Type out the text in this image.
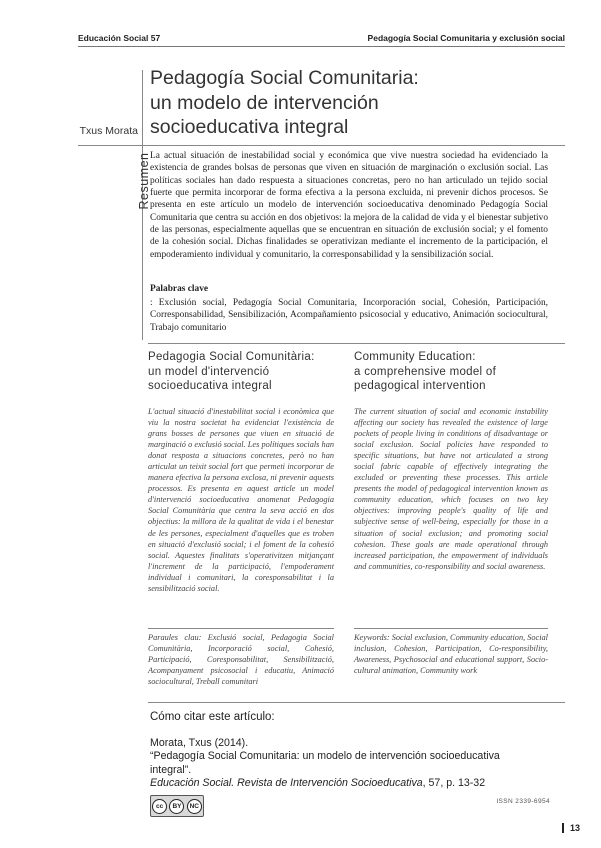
Educación Social 57	Pedagogía Social Comunitaria y exclusión social
Pedagogía Social Comunitaria:
un modelo de intervención
socioeducativa integral
Txus Morata
Resumen La actual situación de inestabilidad social y económica que vive nuestra sociedad ha evidenciado la existencia de grandes bolsas de personas que viven en situación de marginación o exclusión social. Las políticas sociales han dado respuesta a situaciones concretas, pero no han articulado un tejido social fuerte que permita incorporar de forma efectiva a la persona excluida, ni prevenir dichos procesos. Se presenta en este artículo un modelo de intervención socioeducativa denominado Pedagogía Social Comunitaria que centra su acción en dos objetivos: la mejora de la calidad de vida y el bienestar subjetivo de las personas, especialmente aquellas que se encuentran en situación de exclusión social; y el fomento de la cohesión social. Dichas finalidades se operativizan mediante el incremento de la participación, el empoderamiento individual y comunitario, la corresponsabilidad y la sensibilización social.
Palabras clave
: Exclusión social, Pedagogía Social Comunitaria, Incorporación social, Cohesión, Participación, Corresponsabilidad, Sensibilización, Acompañamiento psicosocial y educativo, Animación sociocultural, Trabajo comunitario
Pedagogia Social Comunitària:
un model d'intervenció
socioeducativa integral
L'actual situació d'inestabilitat social i econòmica que viu la nostra societat ha evidenciat l'existència de grans bosses de persones que viuen en situació de marginació o exclusió social. Les polítiques socials han donat resposta a situacions concretes, però no han articulat un teixit social fort que permeti incorporar de manera efectiva la persona exclosa, ni prevenir aquests processos. Es presenta en aquest article un model d'intervenció socioeducativa anomenat Pedagogia Social Comunitària que centra la seva acció en dos objectius: la millora de la qualitat de vida i el benestar de les persones, especialment d'aquelles que es troben en situació d'exclusió social; i el foment de la cohesió social. Aquestes finalitats s'operativitzen mitjançant l'increment de la participació, l'empoderament individual i comunitari, la coresponsabilitat i la sensibilització social.
Paraules clau: Exclusió social, Pedagogia Social Comunitària, Incorporació social, Cohesió, Participació, Coresponsabilitat, Sensibilització, Acompanyament psicosocial i educatiu, Animació sociocultural, Treball comunitari
Community Education:
a comprehensive model of
pedagogical intervention
The current situation of social and economic instability affecting our society has revealed the existence of large pockets of people living in conditions of disadvantage or social exclusion. Social policies have responded to specific situations, but have not articulated a strong social fabric capable of effectively integrating the excluded or preventing these processes. This article presents the model of pedagogical intervention known as community education, which focuses on two key objectives: improving people's quality of life and subjective sense of well-being, especially for those in a situation of social exclusion; and promoting social cohesion. These goals are made operational through increased participation, the empowerment of individuals and communities, co-responsibility and social awareness.
Keywords: Social exclusion, Community education, Social inclusion, Cohesion, Participation, Co-responsibility, Awareness, Psychosocial and educational support, Socio-cultural animation, Community work
Cómo citar este artículo:
Morata, Txus (2014).
“Pedagogía Social Comunitaria: un modelo de intervención socioeducativa
integral”.
Educación Social. Revista de Intervención Socioeducativa, 57, p. 13-32
cc	BY	NC
ISSN 2339-6954
13
